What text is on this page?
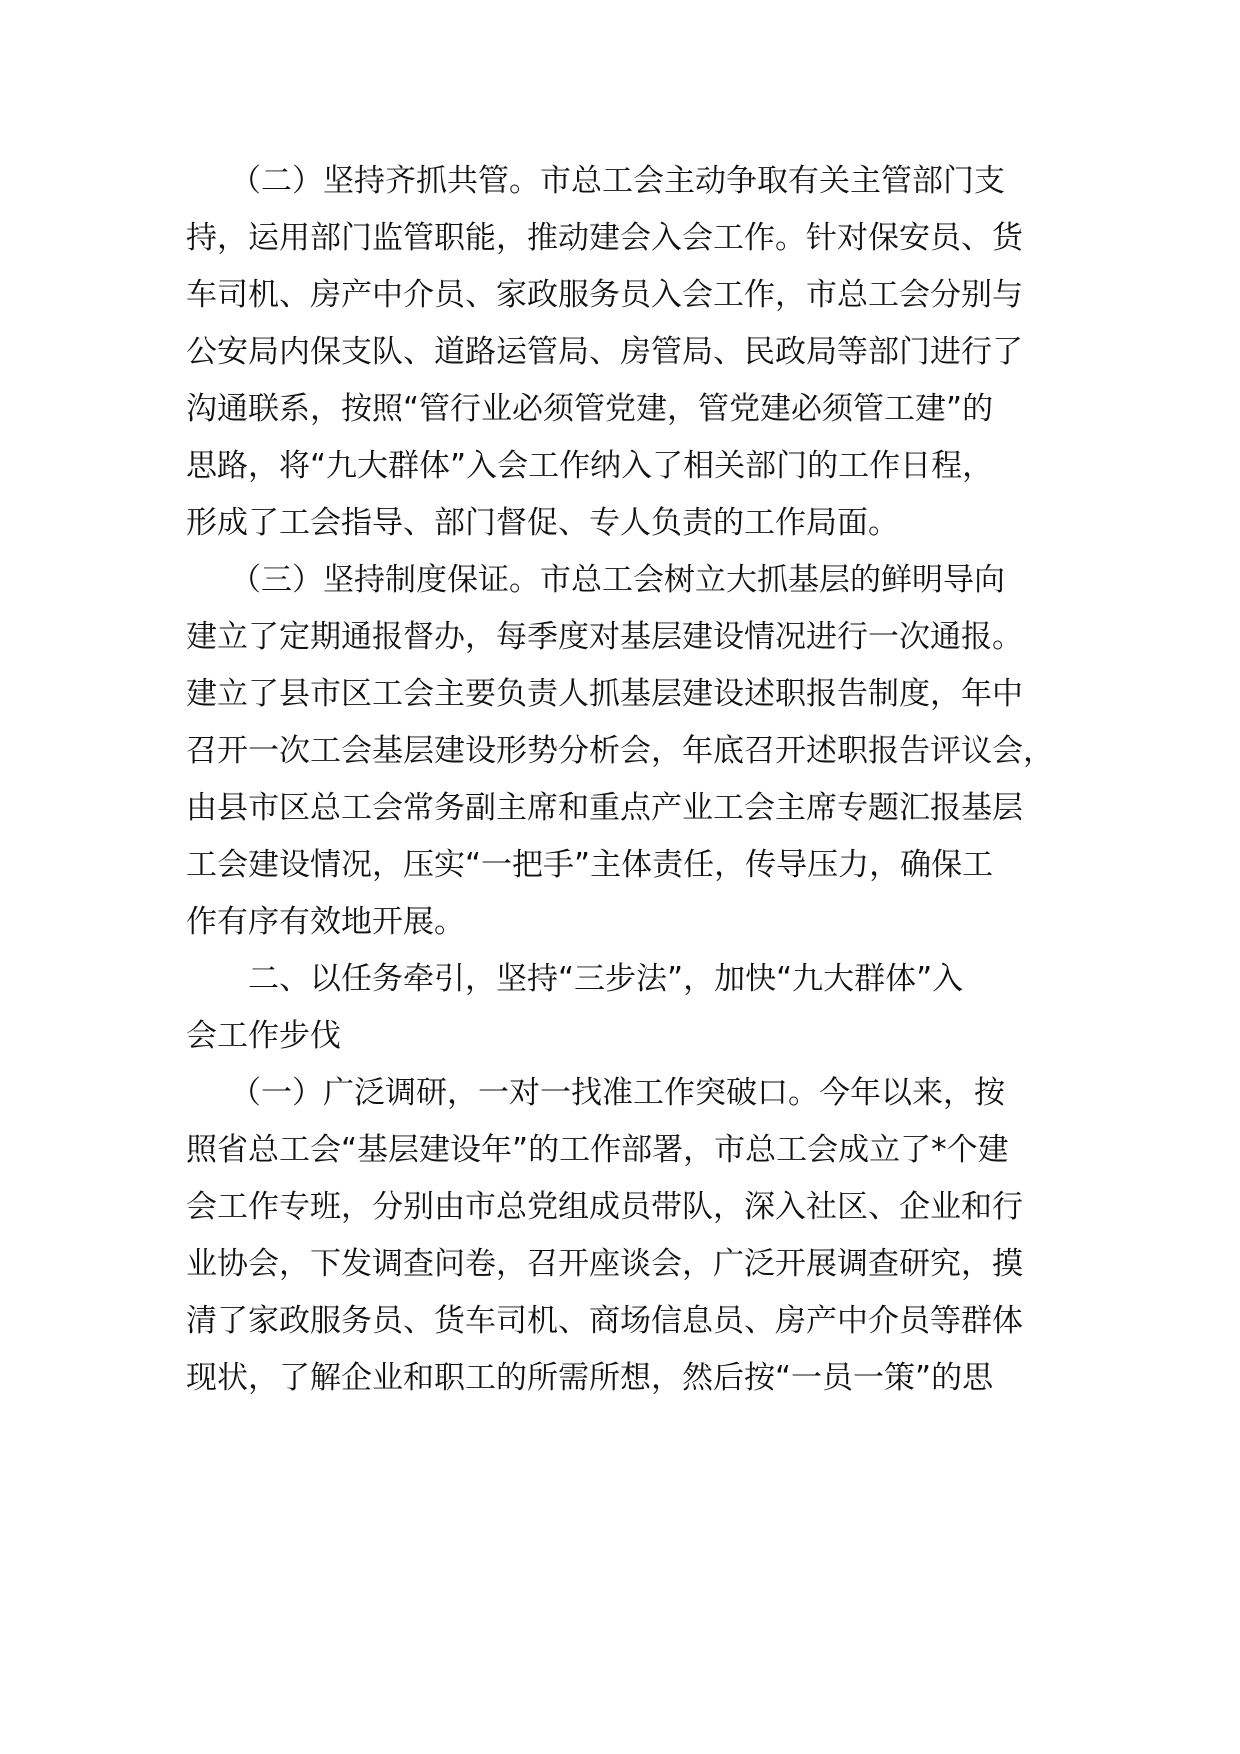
（二）坚持齐抓共管。市总工会主动争取有关主管部门支
持，运用部门监管职能，推动建会入会工作。针对保安员、货
车司机、房产中介员、家政服务员入会工作，市总工会分别与
公安局内保支队、道路运管局、房管局、民政局等部门进行了
沟通联系，按照“管行业必须管党建，管党建必须管工建”的
思路，将“九大群体”入会工作纳入了相关部门的工作日程，
形成了工会指导、部门督促、专人负责的工作局面。
（三）坚持制度保证。市总工会树立大抓基层的鲜明导向
建立了定期通报督办，每季度对基层建设情况进行一次通报。
建立了县市区工会主要负责人抓基层建设述职报告制度，年中
召开一次工会基层建设形势分析会，年底召开述职报告评议会，
由县市区总工会常务副主席和重点产业工会主席专题汇报基层
工会建设情况，压实“一把手”主体责任，传导压力，确保工
作有序有效地开展。
二、以任务牵引，坚持“三步法”，加快“九大群体”入
会工作步伐
（一）广泛调研，一对一找准工作突破口。今年以来，按
照省总工会“基层建设年”的工作部署，市总工会成立了*个建
会工作专班，分别由市总党组成员带队，深入社区、企业和行
业协会，下发调查问卷，召开座谈会，广泛开展调查研究，摸
清了家政服务员、货车司机、商场信息员、房产中介员等群体
现状，了解企业和职工的所需所想，然后按“一员一策”的思
